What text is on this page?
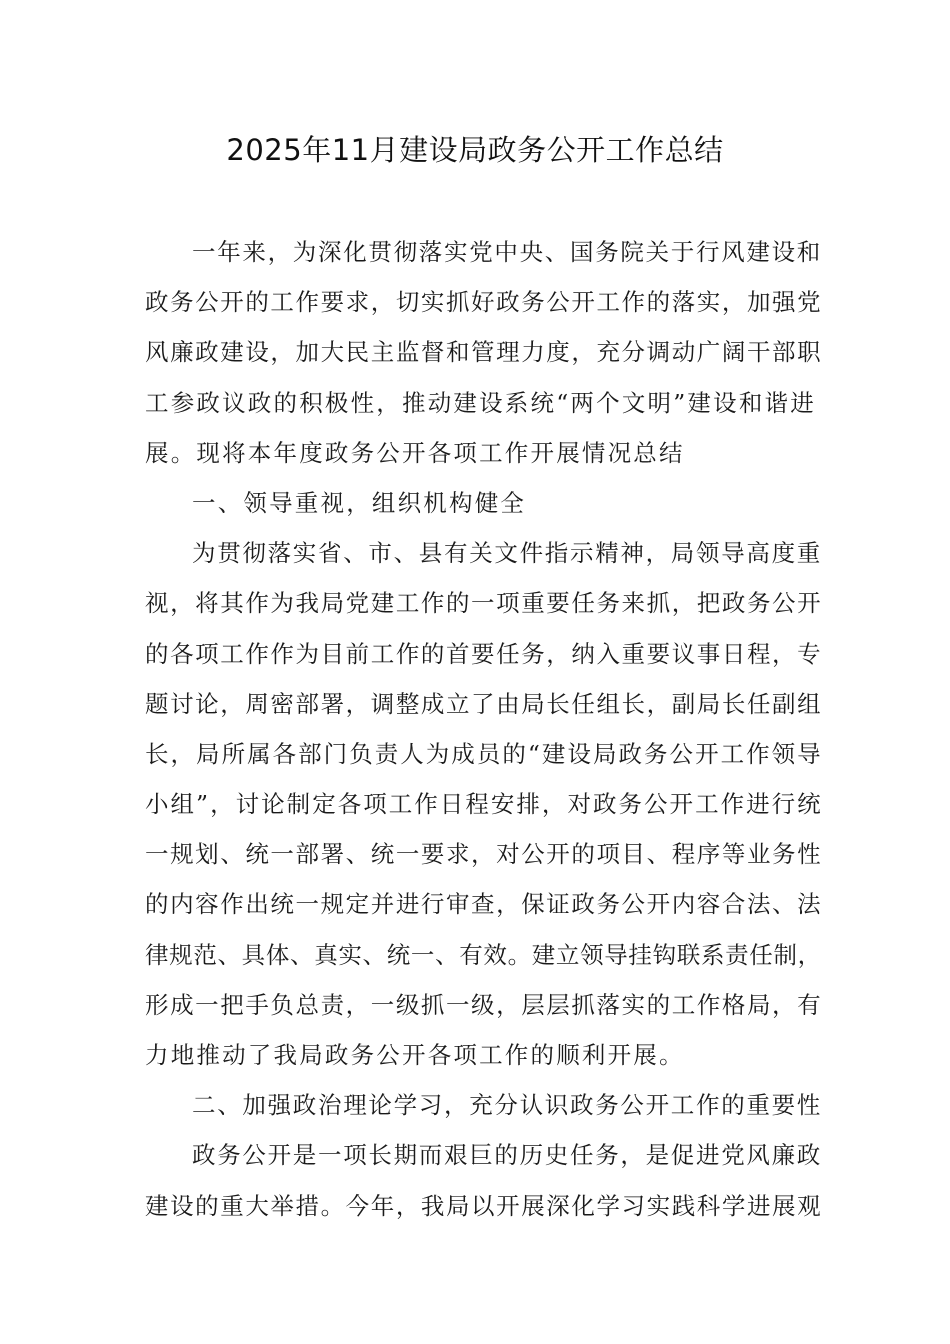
2025年11月建设局政务公开工作总结
一年来，为深化贯彻落实党中央、国务院关于行风建设和
政务公开的工作要求，切实抓好政务公开工作的落实，加强党
风廉政建设，加大民主监督和管理力度，充分调动广阔干部职
工参政议政的积极性，推动建设系统“两个文明”建设和谐进
展。现将本年度政务公开各项工作开展情况总结
一、领导重视，组织机构健全
为贯彻落实省、市、县有关文件指示精神，局领导高度重
视，将其作为我局党建工作的一项重要任务来抓，把政务公开
的各项工作作为目前工作的首要任务，纳入重要议事日程，专
题讨论，周密部署，调整成立了由局长任组长，副局长任副组
长，局所属各部门负责人为成员的“建设局政务公开工作领导
小组”，讨论制定各项工作日程安排，对政务公开工作进行统
一规划、统一部署、统一要求，对公开的项目、程序等业务性
的内容作出统一规定并进行审查，保证政务公开内容合法、法
律规范、具体、真实、统一、有效。建立领导挂钩联系责任制，
形成一把手负总责，一级抓一级，层层抓落实的工作格局，有
力地推动了我局政务公开各项工作的顺利开展。
二、加强政治理论学习，充分认识政务公开工作的重要性
政务公开是一项长期而艰巨的历史任务，是促进党风廉政
建设的重大举措。今年，我局以开展深化学习实践科学进展观
